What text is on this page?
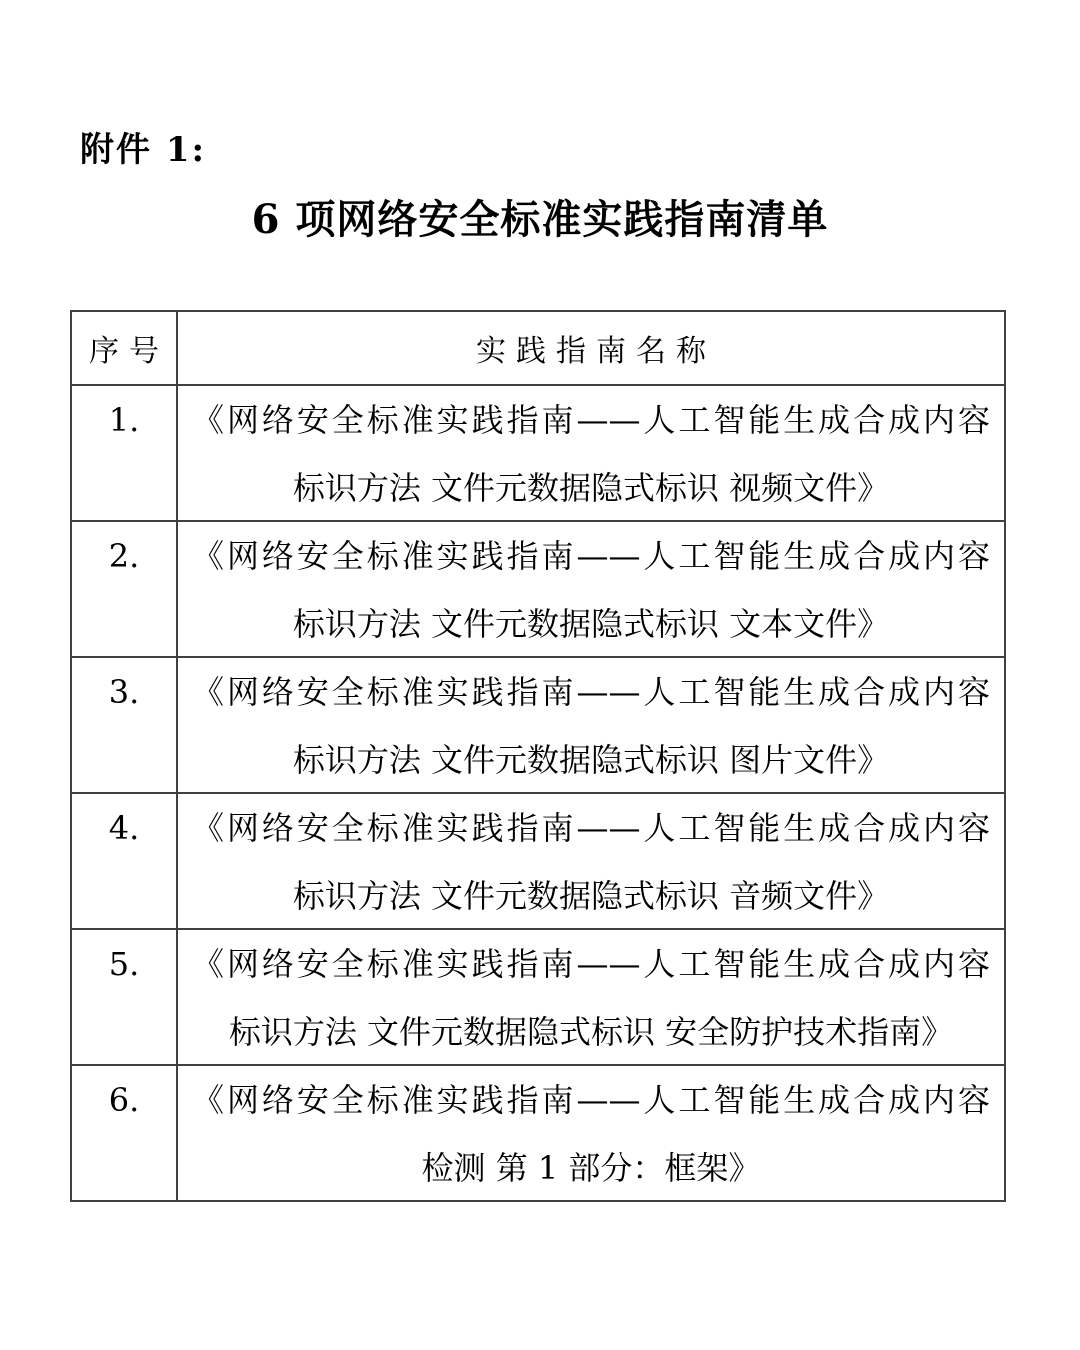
附件 1:
6 项网络安全标准实践指南清单
序号	实践指南名称
1.	《网络安全标准实践指南——人工智能生成合成内容
标识方法 文件元数据隐式标识 视频文件》
2.	《网络安全标准实践指南——人工智能生成合成内容
标识方法 文件元数据隐式标识 文本文件》
3.	《网络安全标准实践指南——人工智能生成合成内容
标识方法 文件元数据隐式标识 图片文件》
4.	《网络安全标准实践指南——人工智能生成合成内容
标识方法 文件元数据隐式标识 音频文件》
5.	《网络安全标准实践指南——人工智能生成合成内容
标识方法 文件元数据隐式标识 安全防护技术指南》
6.	《网络安全标准实践指南——人工智能生成合成内容
检测 第 1 部分：框架》
